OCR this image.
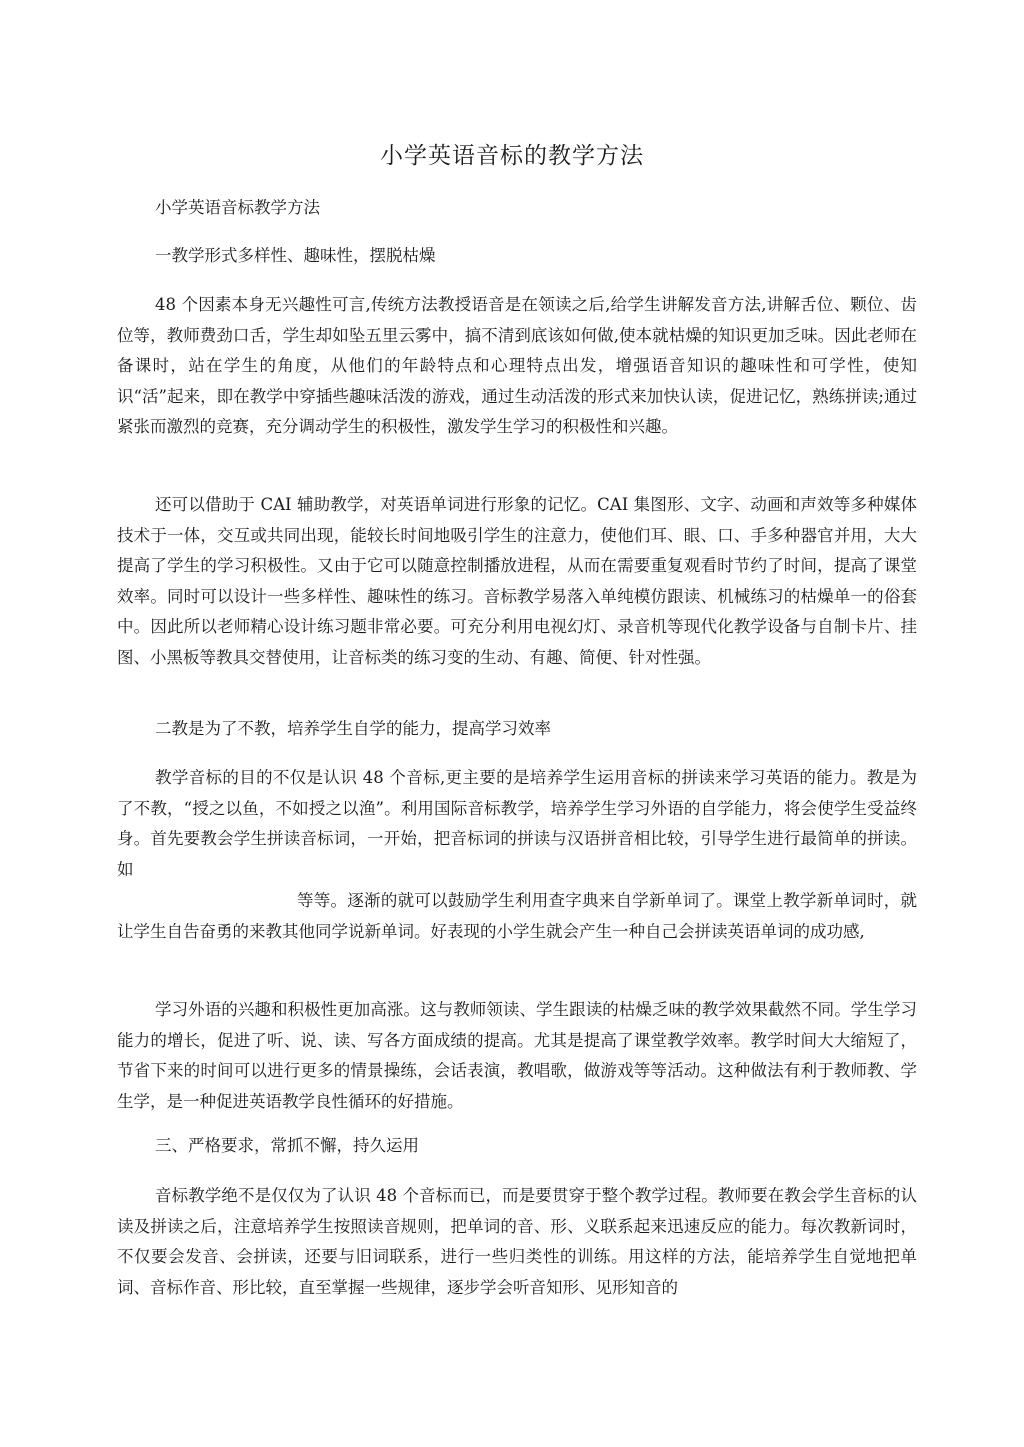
小学英语音标的教学方法

小学英语音标教学方法

一教学形式多样性、趣味性，摆脱枯燥

48 个因素本身无兴趣性可言,传统方法教授语音是在领读之后,给学生讲解发音方法,讲解舌位、颗位、齿位等，教师费劲口舌，学生却如坠五里云雾中，搞不清到底该如何做,使本就枯燥的知识更加乏味。因此老师在备课时，站在学生的角度，从他们的年龄特点和心理特点出发，增强语音知识的趣味性和可学性，使知识“活”起来，即在教学中穿插些趣味活泼的游戏，通过生动活泼的形式来加快认读，促进记忆，熟练拼读;通过紧张而激烈的竞赛，充分调动学生的积极性，激发学生学习的积极性和兴趣。

还可以借助于 CAI 辅助教学，对英语单词进行形象的记忆。CAI 集图形、文字、动画和声效等多种媒体技术于一体，交互或共同出现，能较长时间地吸引学生的注意力，使他们耳、眼、口、手多种器官并用，大大提高了学生的学习积极性。又由于它可以随意控制播放进程，从而在需要重复观看时节约了时间，提高了课堂效率。同时可以设计一些多样性、趣味性的练习。音标教学易落入单纯模仿跟读、机械练习的枯燥单一的俗套中。因此所以老师精心设计练习题非常必要。可充分利用电视幻灯、录音机等现代化教学设备与自制卡片、挂图、小黑板等教具交替使用，让音标类的练习变的生动、有趣、简便、针对性强。

二教是为了不教，培养学生自学的能力，提高学习效率

教学音标的目的不仅是认识 48 个音标,更主要的是培养学生运用音标的拼读来学习英语的能力。教是为了不教，“授之以鱼，不如授之以渔”。利用国际音标教学，培养学生学习外语的自学能力，将会使学生受益终身。首先要教会学生拼读音标词，一开始，把音标词的拼读与汉语拼音相比较，引导学生进行最简单的拼读。如

等等。逐渐的就可以鼓励学生利用查字典来自学新单词了。课堂上教学新单词时，就让学生自告奋勇的来教其他同学说新单词。好表现的小学生就会产生一种自己会拼读英语单词的成功感,

学习外语的兴趣和积极性更加高涨。这与教师领读、学生跟读的枯燥乏味的教学效果截然不同。学生学习能力的增长，促进了听、说、读、写各方面成绩的提高。尤其是提高了课堂教学效率。教学时间大大缩短了，节省下来的时间可以进行更多的情景操练，会话表演，教唱歌，做游戏等等活动。这种做法有利于教师教、学生学，是一种促进英语教学良性循环的好措施。

三、严格要求，常抓不懈，持久运用

音标教学绝不是仅仅为了认识 48 个音标而已，而是要贯穿于整个教学过程。教师要在教会学生音标的认读及拼读之后，注意培养学生按照读音规则，把单词的音、形、义联系起来迅速反应的能力。每次教新词时，不仅要会发音、会拼读，还要与旧词联系，进行一些归类性的训练。用这样的方法，能培养学生自觉地把单词、音标作音、形比较，直至掌握一些规律，逐步学会听音知形、见形知音的
